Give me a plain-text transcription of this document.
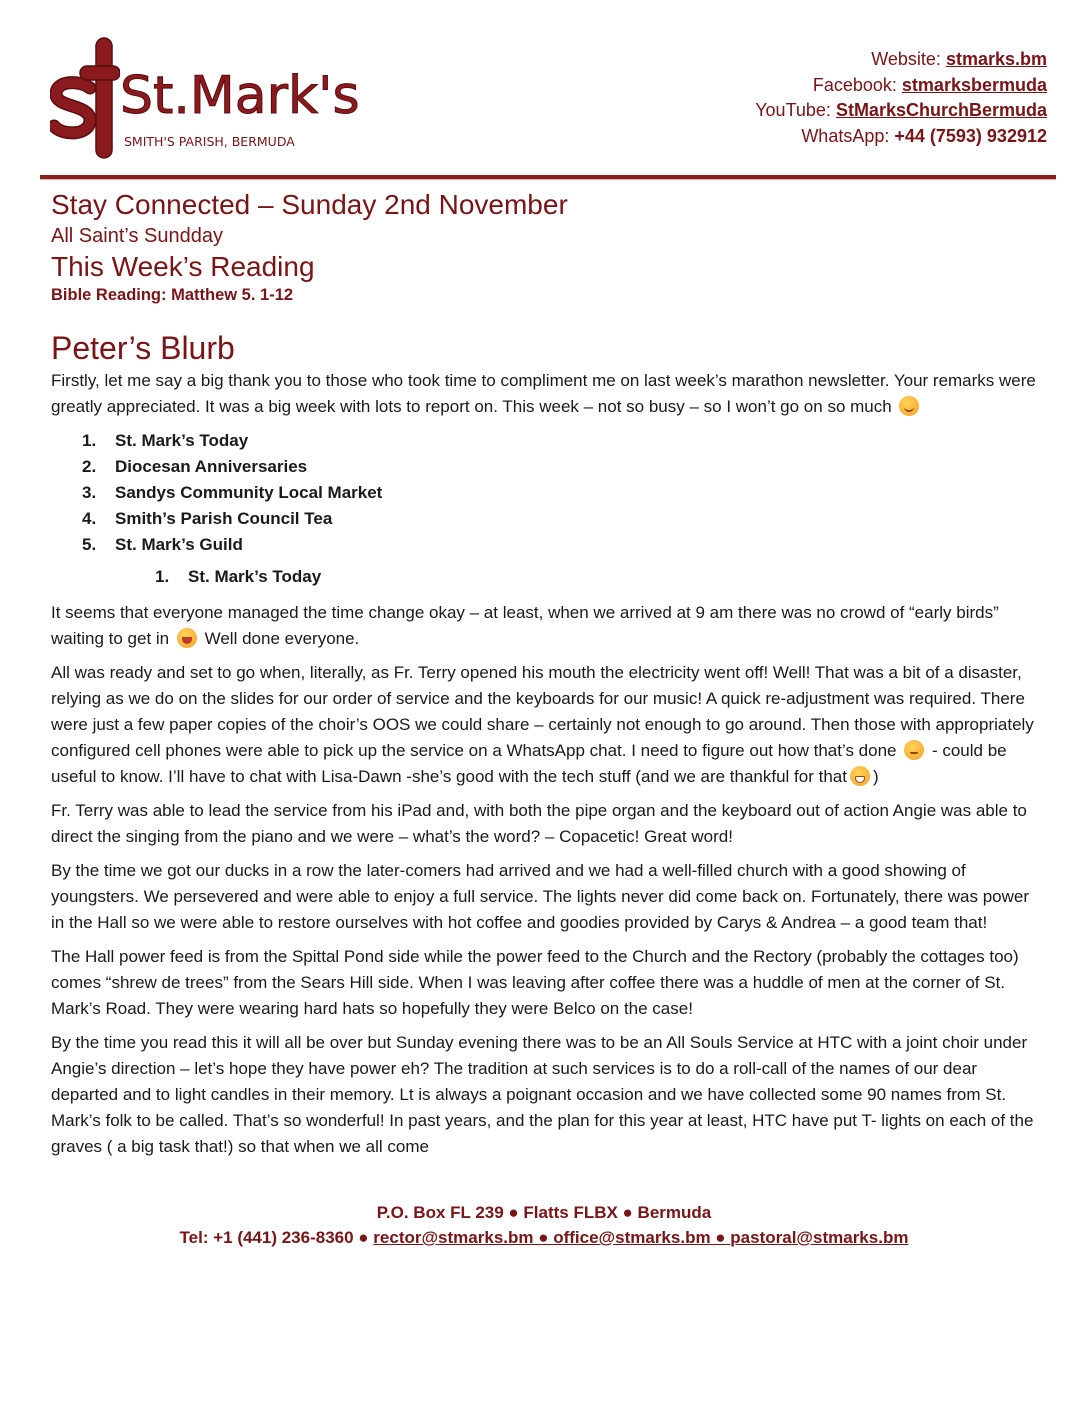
St.Mark's
SMITH'S PARISH, BERMUDA
Website: stmarks.bm
Facebook: stmarksbermuda
YouTube: StMarksChurchBermuda
WhatsApp: +44 (7593) 932912
Stay Connected – Sunday 2nd November
All Saint’s Sundday
This Week’s Reading
Bible Reading: Matthew 5. 1-12
Peter’s Blurb

Firstly, let me say a big thank you to those who took time to compliment me on last week’s marathon newsletter. Your remarks were greatly appreciated. It was a big week with lots to report on. This week – not so busy – so I won’t go on so much

1.	St. Mark’s Today
2.	Diocesan Anniversaries
3.	Sandys Community Local Market
4.	Smith’s Parish Council Tea
5.	St. Mark’s Guild
1.	St. Mark’s Today

It seems that everyone managed the time change okay – at least, when we arrived at 9 am there was no crowd of “early birds” waiting to get in Well done everyone.

All was ready and set to go when, literally, as Fr. Terry opened his mouth the electricity went off! Well! That was a bit of a disaster, relying as we do on the slides for our order of service and the keyboards for our music! A quick re-adjustment was required. There were just a few paper copies of the choir’s OOS we could share – certainly not enough to go around. Then those with appropriately configured cell phones were able to pick up the service on a WhatsApp chat. I need to figure out how that’s done - could be useful to know. I’ll have to chat with Lisa-Dawn -she’s good with the tech stuff (and we are thankful for that )

Fr. Terry was able to lead the service from his iPad and, with both the pipe organ and the keyboard out of action Angie was able to direct the singing from the piano and we were – what’s the word? – Copacetic! Great word!

By the time we got our ducks in a row the later-comers had arrived and we had a well-filled church with a good showing of youngsters. We persevered and were able to enjoy a full service. The lights never did come back on. Fortunately, there was power in the Hall so we were able to restore ourselves with hot coffee and goodies provided by Carys & Andrea – a good team that!

The Hall power feed is from the Spittal Pond side while the power feed to the Church and the Rectory (probably the cottages too) comes “shrew de trees” from the Sears Hill side. When I was leaving after coffee there was a huddle of men at the corner of St. Mark’s Road. They were wearing hard hats so hopefully they were Belco on the case!

By the time you read this it will all be over but Sunday evening there was to be an All Souls Service at HTC with a joint choir under Angie’s direction – let’s hope they have power eh? The tradition at such services is to do a roll-call of the names of our dear departed and to light candles in their memory. Lt is always a poignant occasion and we have collected some 90 names from St. Mark’s folk to be called. That’s so wonderful! In past years, and the plan for this year at least, HTC have put T- lights on each of the graves ( a big task that!) so that when we all come

P.O. Box FL 239 ● Flatts FLBX ● Bermuda
Tel: +1 (441) 236-8360 ● rector@stmarks.bm ● office@stmarks.bm ● pastoral@stmarks.bm
